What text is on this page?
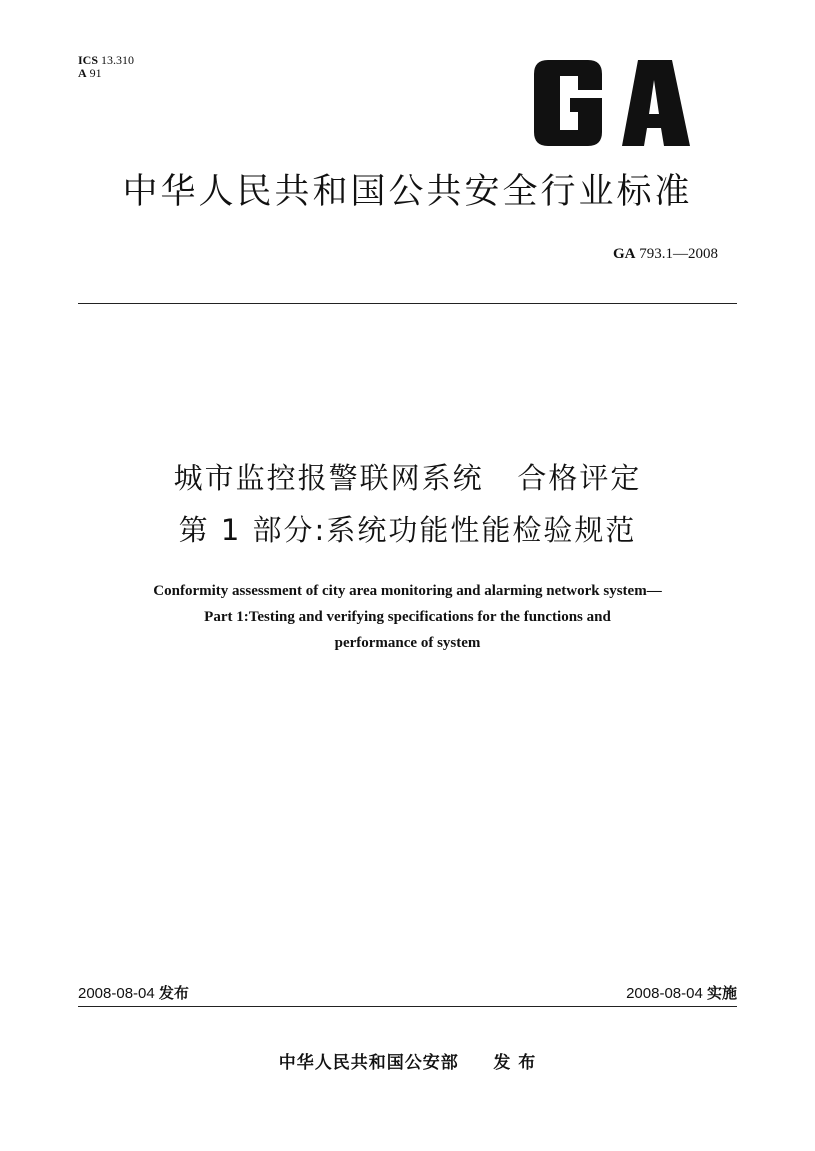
ICS 13.310
A 91
中华人民共和国公共安全行业标准
GA 793.1—2008
城市监控报警联网系统   合格评定
第 1 部分:系统功能性能检验规范
Conformity assessment of city area monitoring and alarming network system—
Part 1:Testing and verifying specifications for the functions and
performance of system
2008-08-04 发布	2008-08-04 实施
中华人民共和国公安部 发 布
